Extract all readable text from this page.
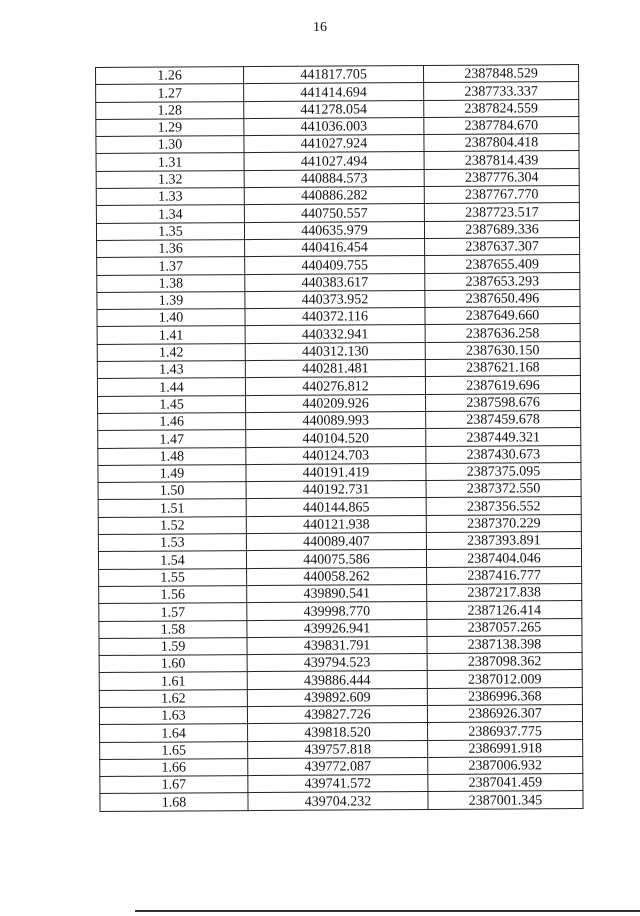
16
1.26	441817.705	2387848.529
1.27	441414.694	2387733.337
1.28	441278.054	2387824.559
1.29	441036.003	2387784.670
1.30	441027.924	2387804.418
1.31	441027.494	2387814.439
1.32	440884.573	2387776.304
1.33	440886.282	2387767.770
1.34	440750.557	2387723.517
1.35	440635.979	2387689.336
1.36	440416.454	2387637.307
1.37	440409.755	2387655.409
1.38	440383.617	2387653.293
1.39	440373.952	2387650.496
1.40	440372.116	2387649.660
1.41	440332.941	2387636.258
1.42	440312.130	2387630.150
1.43	440281.481	2387621.168
1.44	440276.812	2387619.696
1.45	440209.926	2387598.676
1.46	440089.993	2387459.678
1.47	440104.520	2387449.321
1.48	440124.703	2387430.673
1.49	440191.419	2387375.095
1.50	440192.731	2387372.550
1.51	440144.865	2387356.552
1.52	440121.938	2387370.229
1.53	440089.407	2387393.891
1.54	440075.586	2387404.046
1.55	440058.262	2387416.777
1.56	439890.541	2387217.838
1.57	439998.770	2387126.414
1.58	439926.941	2387057.265
1.59	439831.791	2387138.398
1.60	439794.523	2387098.362
1.61	439886.444	2387012.009
1.62	439892.609	2386996.368
1.63	439827.726	2386926.307
1.64	439818.520	2386937.775
1.65	439757.818	2386991.918
1.66	439772.087	2387006.932
1.67	439741.572	2387041.459
1.68	439704.232	2387001.345
